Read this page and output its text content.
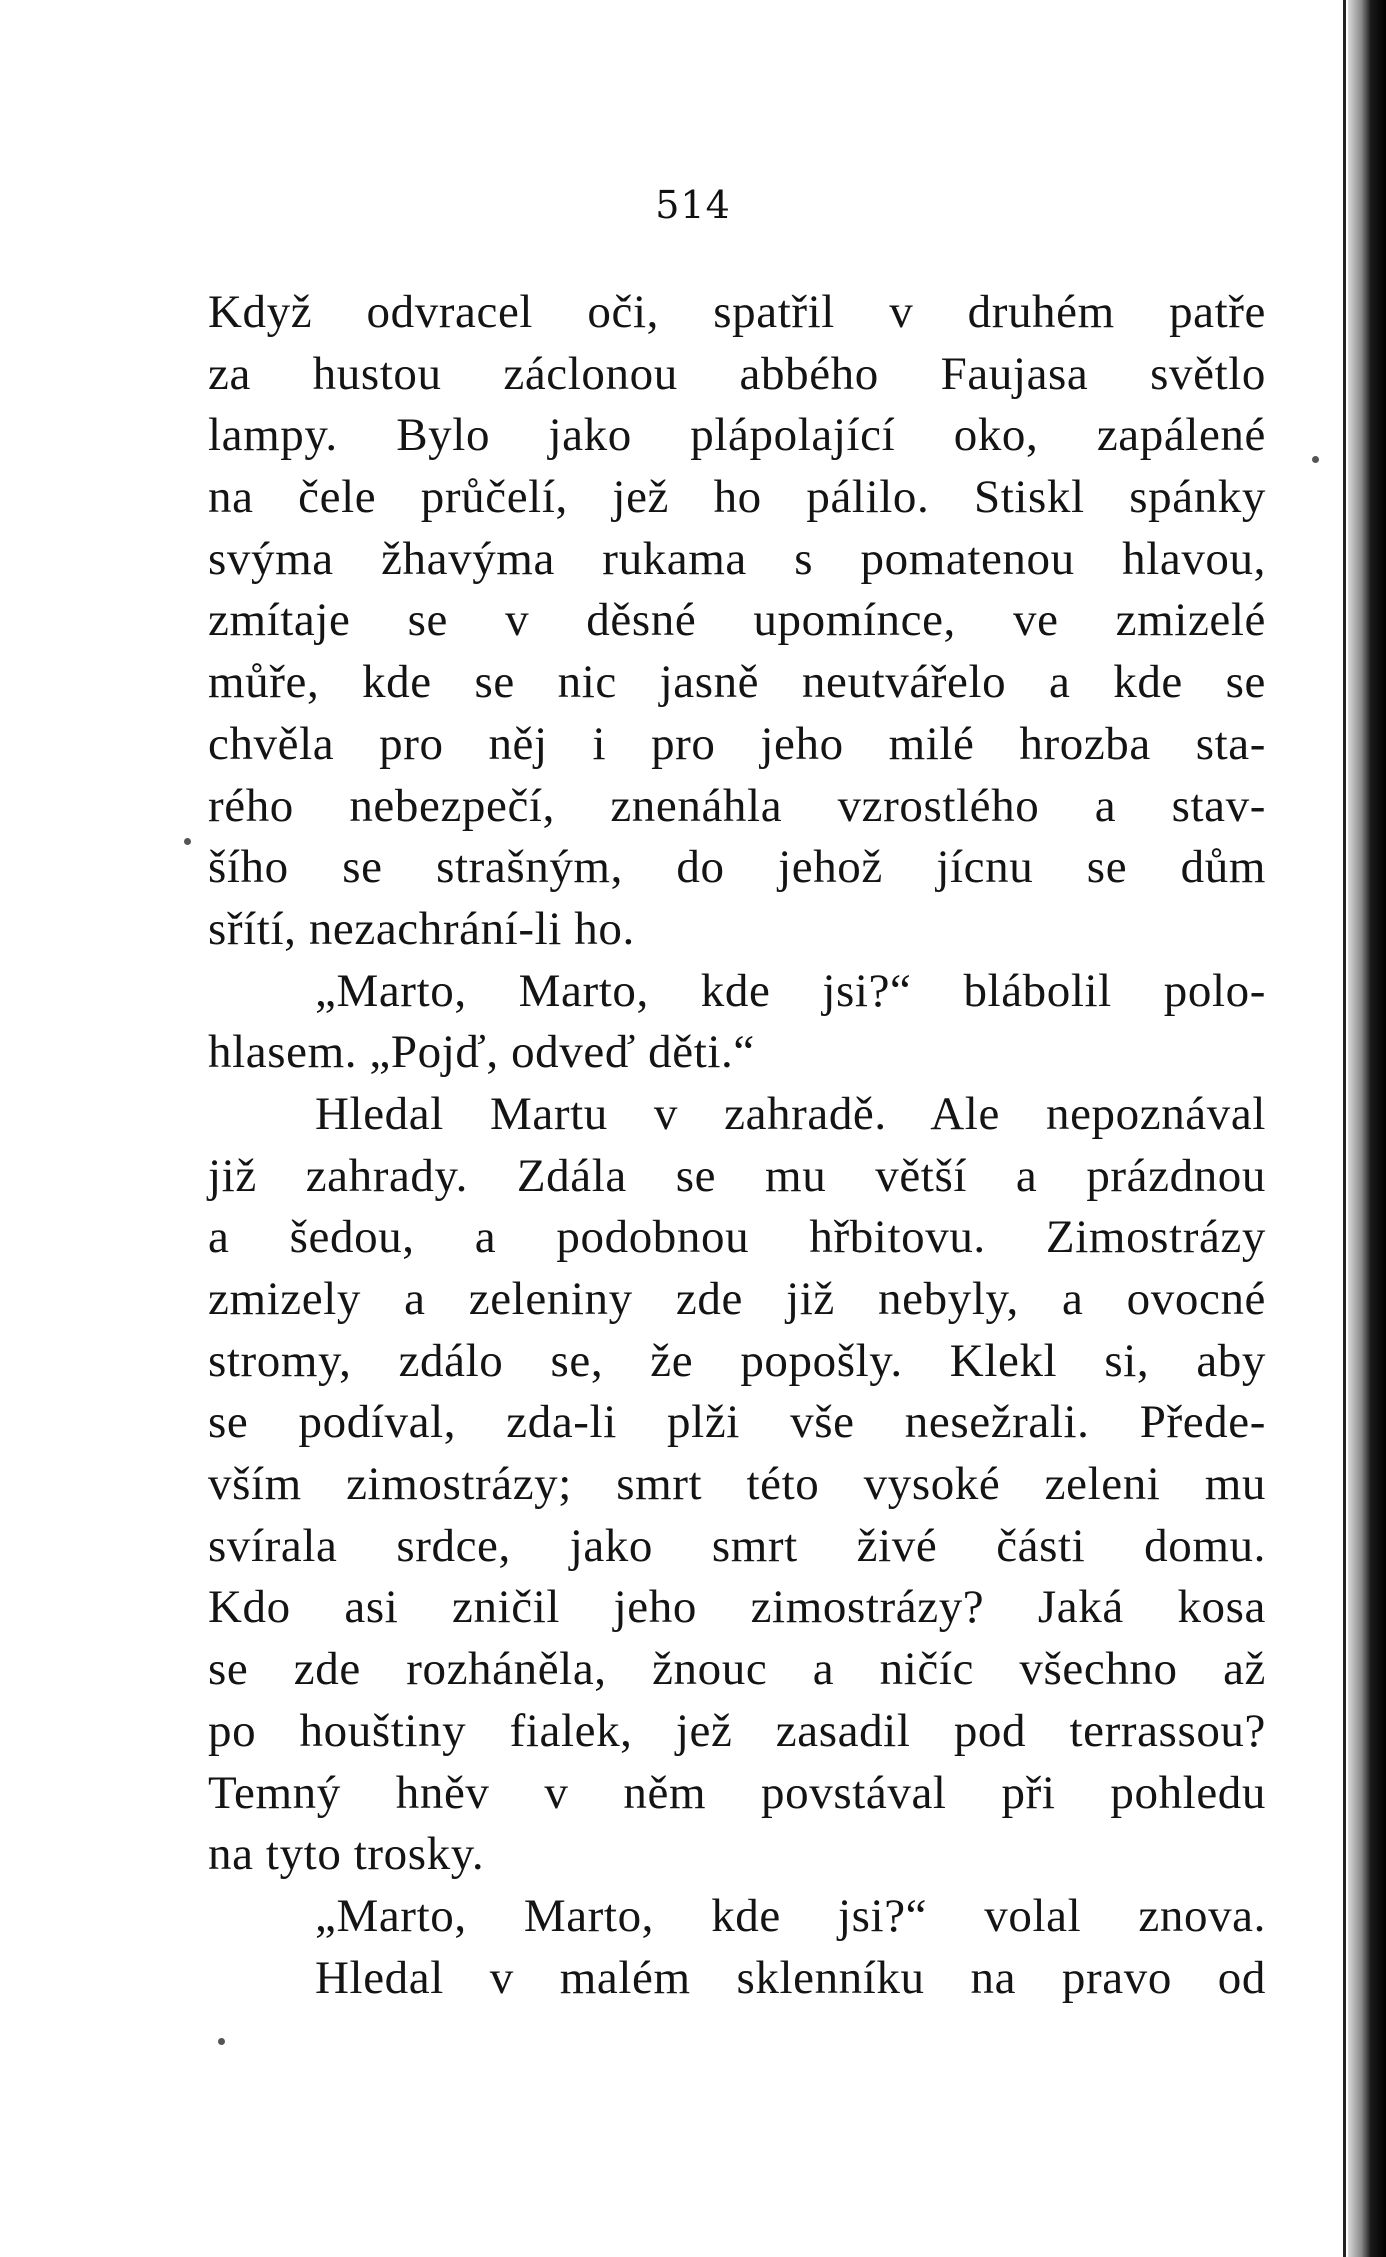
514
Když odvracel oči, spatřil v druhém patře
za hustou záclonou abbého Faujasa světlo
lampy. Bylo jako plápolající oko, zapálené
na čele průčelí, jež ho pálilo. Stiskl spánky
svýma žhavýma rukama s pomatenou hlavou,
zmítaje se v děsné upomínce, ve zmizelé
můře, kde se nic jasně neutvářelo a kde se
chvěla pro něj i pro jeho milé hrozba sta-
rého nebezpečí, znenáhla vzrostlého a stav-
šího se strašným, do jehož jícnu se dům
sřítí, nezachrání-li ho.
„Marto, Marto, kde jsi?“ blábolil polo-
hlasem. „Pojď, odveď děti.“
Hledal Martu v zahradě. Ale nepoznával
již zahrady. Zdála se mu větší a prázdnou
a šedou, a podobnou hřbitovu. Zimostrázy
zmizely a zeleniny zde již nebyly, a ovocné
stromy, zdálo se, že popošly. Klekl si, aby
se podíval, zda-li plži vše nesežrali. Přede-
vším zimostrázy; smrt této vysoké zeleni mu
svírala srdce, jako smrt živé části domu.
Kdo asi zničil jeho zimostrázy? Jaká kosa
se zde rozháněla, žnouc a ničíc všechno až
po houštiny fialek, jež zasadil pod terrassou?
Temný hněv v něm povstával při pohledu
na tyto trosky.
„Marto, Marto, kde jsi?“ volal znova.
Hledal v malém sklenníku na pravo od
